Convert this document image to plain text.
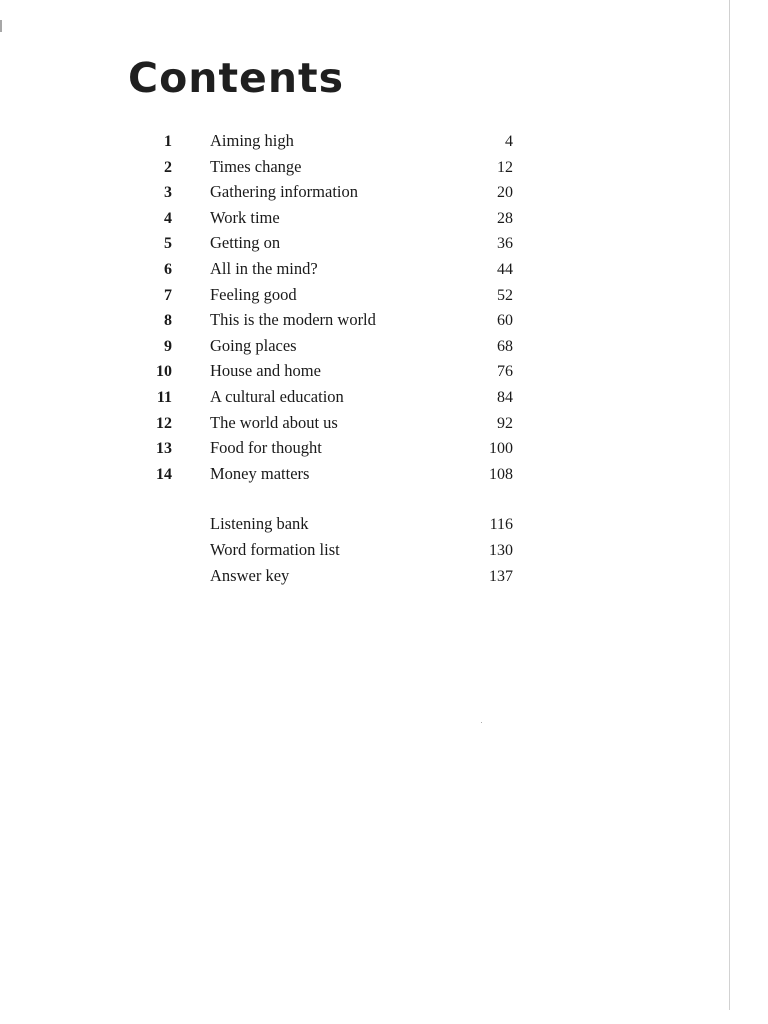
Contents
1 Aiming high	4
2 Times change	12
3 Gathering information	20
4 Work time	28
5 Getting on	36
6 All in the mind?	44
7 Feeling good	52
8 This is the modern world	60
9 Going places	68
10 House and home	76
11 A cultural education	84
12 The world about us	92
13 Food for thought	100
14 Money matters	108
Listening bank	116
Word formation list	130
Answer key	137
